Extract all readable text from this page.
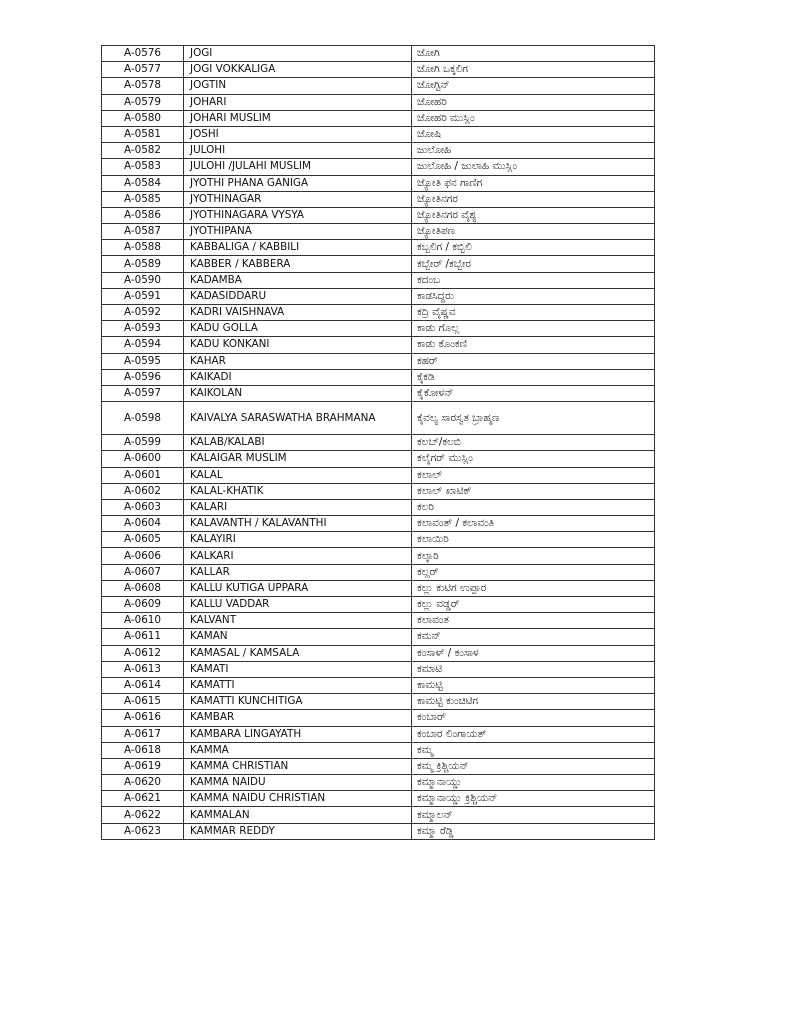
A-0576	JOGI	ಜೋಗಿ
A-0577	JOGI VOKKALIGA	ಜೋಗಿ ಒಕ್ಕಲಿಗ
A-0578	JOGTIN	ಜೋಗ್ಟಿನ್
A-0579	JOHARI	ಜೋಹರಿ
A-0580	JOHARI MUSLIM	ಜೋಹರಿ ಮುಸ್ಲಿಂ
A-0581	JOSHI	ಜೋಷಿ
A-0582	JULOHI	ಜುಲೋಹಿ
A-0583	JULOHI /JULAHI MUSLIM	ಜುಲೋಹಿ / ಜುಲಾಹಿ ಮುಸ್ಲಿಂ
A-0584	JYOTHI PHANA GANIGA	ಜ್ಯೋತಿ ಫನ ಗಾಣಿಗ
A-0585	JYOTHINAGAR	ಜ್ಯೋತಿನಗರ
A-0586	JYOTHINAGARA VYSYA	ಜ್ಯೋತಿನಗರ ವೈಶ್ಯ
A-0587	JYOTHIPANA	ಜ್ಯೋತಿಪಣ
A-0588	KABBALIGA / KABBILI	ಕಬ್ಬಲಿಗ / ಕಬ್ಬಿಲಿ
A-0589	KABBER / KABBERA	ಕಬ್ಬೇರ್ /ಕಬ್ಬೇರ
A-0590	KADAMBA	ಕದಂಬ
A-0591	KADASIDDARU	ಕಾಡಸಿದ್ದರು
A-0592	KADRI VAISHNAVA	ಕದ್ರಿ ವೈಷ್ಣವ
A-0593	KADU GOLLA	ಕಾಡು ಗೊಲ್ಲ
A-0594	KADU KONKANI	ಕಾಡು ಕೊಂಕಣಿ
A-0595	KAHAR	ಕಹರ್
A-0596	KAIKADI	ಕೈಕಡಿ
A-0597	KAIKOLAN	ಕೈಕೋಳನ್
A-0598	KAIVALYA SARASWATHA BRAHMANA	ಕೈವಲ್ಯ ಸಾರಸ್ವತ ಬ್ರಾಹ್ಮಣ
A-0599	KALAB/KALABI	ಕಲಬ್/ಕಲಬಿ
A-0600	KALAIGAR MUSLIM	ಕಲೈಗರ್ ಮುಸ್ಲಿಂ
A-0601	KALAL	ಕಲಾಲ್
A-0602	KALAL-KHATIK	ಕಲಾಲ್ ಖಾಟಿಕ್
A-0603	KALARI	ಕಲರಿ
A-0604	KALAVANTH / KALAVANTHI	ಕಲಾವಂತ್ / ಕಲಾವಂತಿ
A-0605	KALAYIRI	ಕಲಾಯಿರಿ
A-0606	KALKARI	ಕಲ್ಕಾರಿ
A-0607	KALLAR	ಕಲ್ಲರ್
A-0608	KALLU KUTIGA UPPARA	ಕಲ್ಲು ಕುಟಿಗ ಉಪ್ಪಾರ
A-0609	KALLU VADDAR	ಕಲ್ಲು ವಡ್ಡರ್
A-0610	KALVANT	ಕಲಾವಂತ
A-0611	KAMAN	ಕಮನ್
A-0612	KAMASAL / KAMSALA	ಕಂಸಾಳ್ / ಕಂಸಾಳ
A-0613	KAMATI	ಕಮಾಟಿ
A-0614	KAMATTI	ಕಾಮಟ್ಟಿ
A-0615	KAMATTI KUNCHITIGA	ಕಾಮಟ್ಟಿ ಕುಂಚಿಟಿಗ
A-0616	KAMBAR	ಕಂಬಾರ್
A-0617	KAMBARA LINGAYATH	ಕಂಬಾರ ಲಿಂಗಾಯತ್
A-0618	KAMMA	ಕಮ್ಮ
A-0619	KAMMA CHRISTIAN	ಕಮ್ಮ ಕ್ರಿಶ್ಚಿಯನ್
A-0620	KAMMA NAIDU	ಕಮ್ಮಾನಾಯ್ಡು
A-0621	KAMMA NAIDU CHRISTIAN	ಕಮ್ಮಾನಾಯ್ಡು ಕ್ರಿಶ್ಚಿಯನ್
A-0622	KAMMALAN	ಕಮ್ಮಾಲನ್
A-0623	KAMMAR REDDY	ಕಮ್ಮಾ ರೆಡ್ಡಿ
